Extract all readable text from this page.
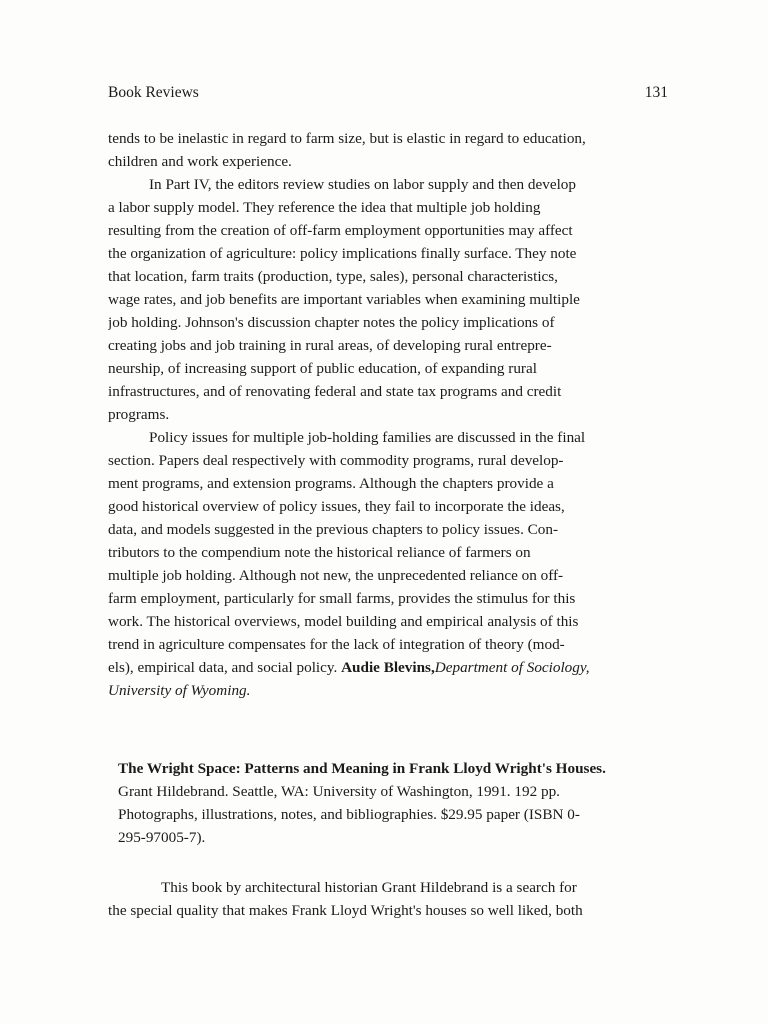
Book Reviews	131
tends to be inelastic in regard to farm size, but is elastic in regard to education,
children and work experience.
In Part IV, the editors review studies on labor supply and then develop
a labor supply model. They reference the idea that multiple job holding
resulting from the creation of off-farm employment opportunities may affect
the organization of agriculture: policy implications finally surface. They note
that location, farm traits (production, type, sales), personal characteristics,
wage rates, and job benefits are important variables when examining multiple
job holding. Johnson's discussion chapter notes the policy implications of
creating jobs and job training in rural areas, of developing rural entrepre-
neurship, of increasing support of public education, of expanding rural
infrastructures, and of renovating federal and state tax programs and credit
programs.
Policy issues for multiple job-holding families are discussed in the final
section. Papers deal respectively with commodity programs, rural develop-
ment programs, and extension programs. Although the chapters provide a
good historical overview of policy issues, they fail to incorporate the ideas,
data, and models suggested in the previous chapters to policy issues. Con-
tributors to the compendium note the historical reliance of farmers on
multiple job holding. Although not new, the unprecedented reliance on off-
farm employment, particularly for small farms, provides the stimulus for this
work. The historical overviews, model building and empirical analysis of this
trend in agriculture compensates for the lack of integration of theory (mod-
els), empirical data, and social policy. Audie Blevins,Department of Sociology,
University of Wyoming.
The Wright Space: Patterns and Meaning in Frank Lloyd Wright's Houses.
Grant Hildebrand. Seattle, WA: University of Washington, 1991. 192 pp.
Photographs, illustrations, notes, and bibliographies. $29.95 paper (ISBN 0-
295-97005-7).
This book by architectural historian Grant Hildebrand is a search for
the special quality that makes Frank Lloyd Wright's houses so well liked, both
